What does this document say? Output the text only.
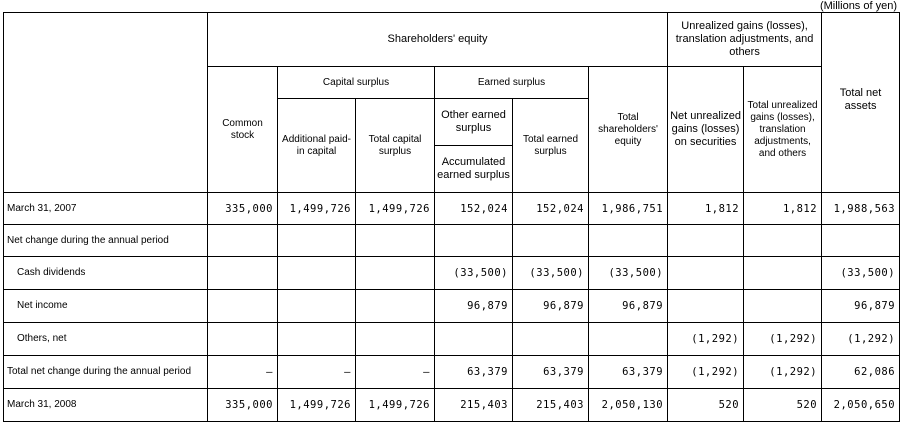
(Millions of yen)
	Shareholders' equity						Unrealized gains (losses), translation adjustments, and others		Total net assets
	Common stock	Capital surplus		Earned surplus		Total shareholders' equity	Net unrealized gains (losses) on securities	Total unrealized gains (losses), translation adjustments, and others	
		Additional paid-in capital	Total capital surplus	Other earned surplus	Total earned surplus				
				Accumulated earned surplus					

March 31, 2007	335,000	1,499,726	1,499,726	152,024	152,024	1,986,751	1,812	1,812	1,988,563
Net change during the annual period									
Cash dividends				(33,500)	(33,500)	(33,500)			(33,500)
Net income				96,879	96,879	96,879			96,879
Others, net							(1,292)	(1,292)	(1,292)
Total net change during the annual period	–	–	–	63,379	63,379	63,379	(1,292)	(1,292)	62,086
March 31, 2008	335,000	1,499,726	1,499,726	215,403	215,403	2,050,130	520	520	2,050,650
